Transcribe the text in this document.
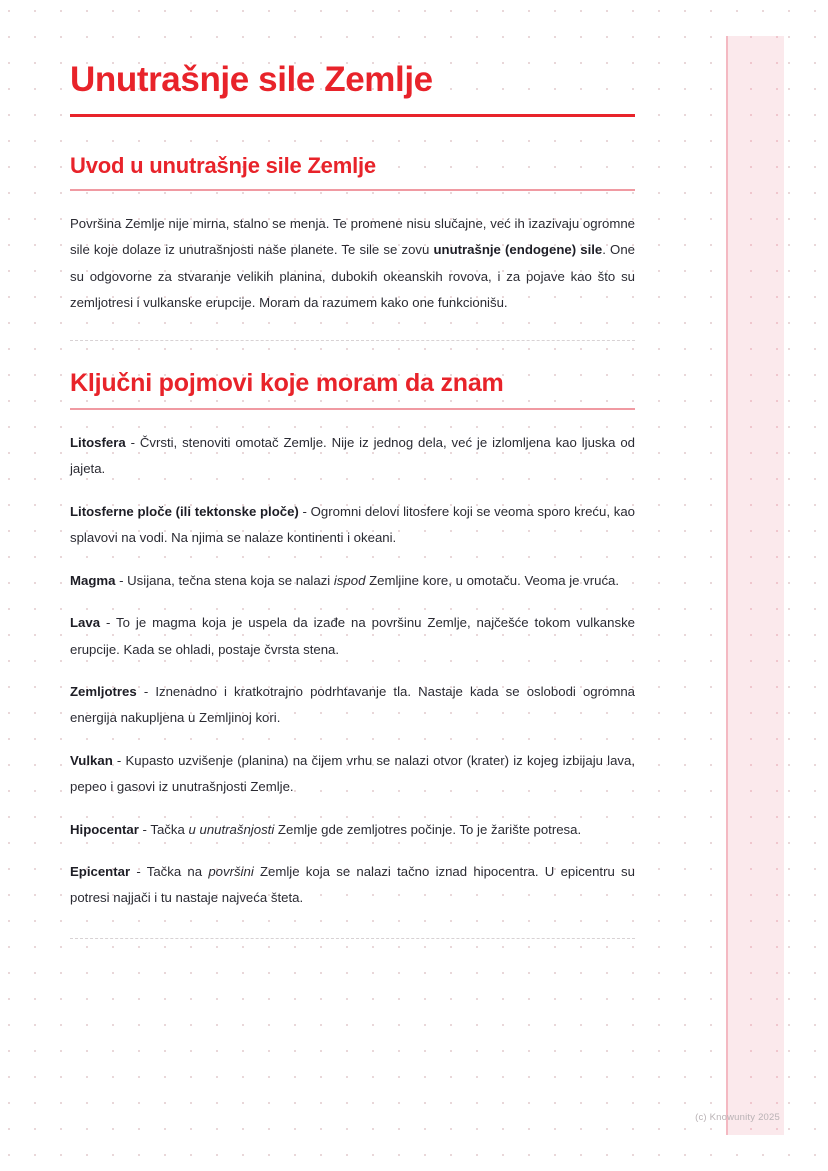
Unutrašnje sile Zemlje
Uvod u unutrašnje sile Zemlje

Površina Zemlje nije mirna, stalno se menja. Te promene nisu slučajne, već ih izazivaju ogromne sile koje dolaze iz unutrašnjosti naše planete. Te sile se zovu unutrašnje (endogene) sile. One su odgovorne za stvaranje velikih planina, dubokih okeanskih rovova, i za pojave kao što su zemljotresi i vulkanske erupcije. Moram da razumem kako one funkcionišu.

Ključni pojmovi koje moram da znam

Litosfera - Čvrsti, stenoviti omotač Zemlje. Nije iz jednog dela, već je izlomljena kao ljuska od jajeta.

Litosferne ploče (ili tektonske ploče) - Ogromni delovi litosfere koji se veoma sporo kreću, kao splavovi na vodi. Na njima se nalaze kontinenti i okeani.

Magma - Usijana, tečna stena koja se nalazi ispod Zemljine kore, u omotaču. Veoma je vruća.

Lava - To je magma koja je uspela da izađe na površinu Zemlje, najčešće tokom vulkanske erupcije. Kada se ohladi, postaje čvrsta stena.

Zemljotres - Iznenadno i kratkotrajno podrhtavanje tla. Nastaje kada se oslobodi ogromna energija nakupljena u Zemljinoj kori.

Vulkan - Kupasto uzvišenje (planina) na čijem vrhu se nalazi otvor (krater) iz kojeg izbijaju lava, pepeo i gasovi iz unutrašnjosti Zemlje.

Hipocentar - Tačka u unutrašnjosti Zemlje gde zemljotres počinje. To je žarište potresa.

Epicentar - Tačka na površini Zemlje koja se nalazi tačno iznad hipocentra. U epicentru su potresi najjači i tu nastaje najveća šteta.

(c) Knowunity 2025
